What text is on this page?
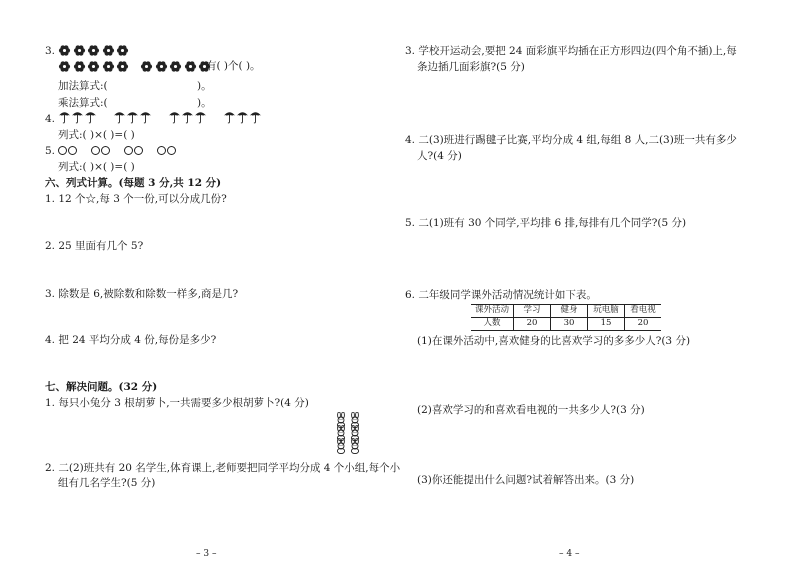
3.
有( )个( )。
加法算式:(	)。
乘法算式:(	)。
4.
列式:( )×( )=( )
5.
列式:( )×( )=( )
六、列式计算。(每题 3 分,共 12 分)
1. 12 个☆,每 3 个一份,可以分成几份?
2. 25 里面有几个 5?
3. 除数是 6,被除数和除数一样多,商是几?
4. 把 24 平均分成 4 份,每份是多少?
七、解决问题。(32 分)
1. 每只小兔分 3 根胡萝卜,一共需要多少根胡萝卜?(4 分)
2. 二(2)班共有 20 名学生,体育课上,老师要把同学平均分成 4 个小组,每个小
组有几名学生?(5 分)
– 3 –
3. 学校开运动会,要把 24 面彩旗平均插在正方形四边(四个角不插)上,每
条边插几面彩旗?(5 分)
4. 二(3)班进行踢毽子比赛,平均分成 4 组,每组 8 人,二(3)班一共有多少
人?(4 分)
5. 二(1)班有 30 个同学,平均排 6 排,每排有几个同学?(5 分)
6. 二年级同学课外活动情况统计如下表。
课外活动	学习	健身	玩电脑	看电视
人数	20	30	15	20
(1)在课外活动中,喜欢健身的比喜欢学习的多多少人?(3 分)
(2)喜欢学习的和喜欢看电视的一共多少人?(3 分)
(3)你还能提出什么问题?试着解答出来。(3 分)
– 4 –
